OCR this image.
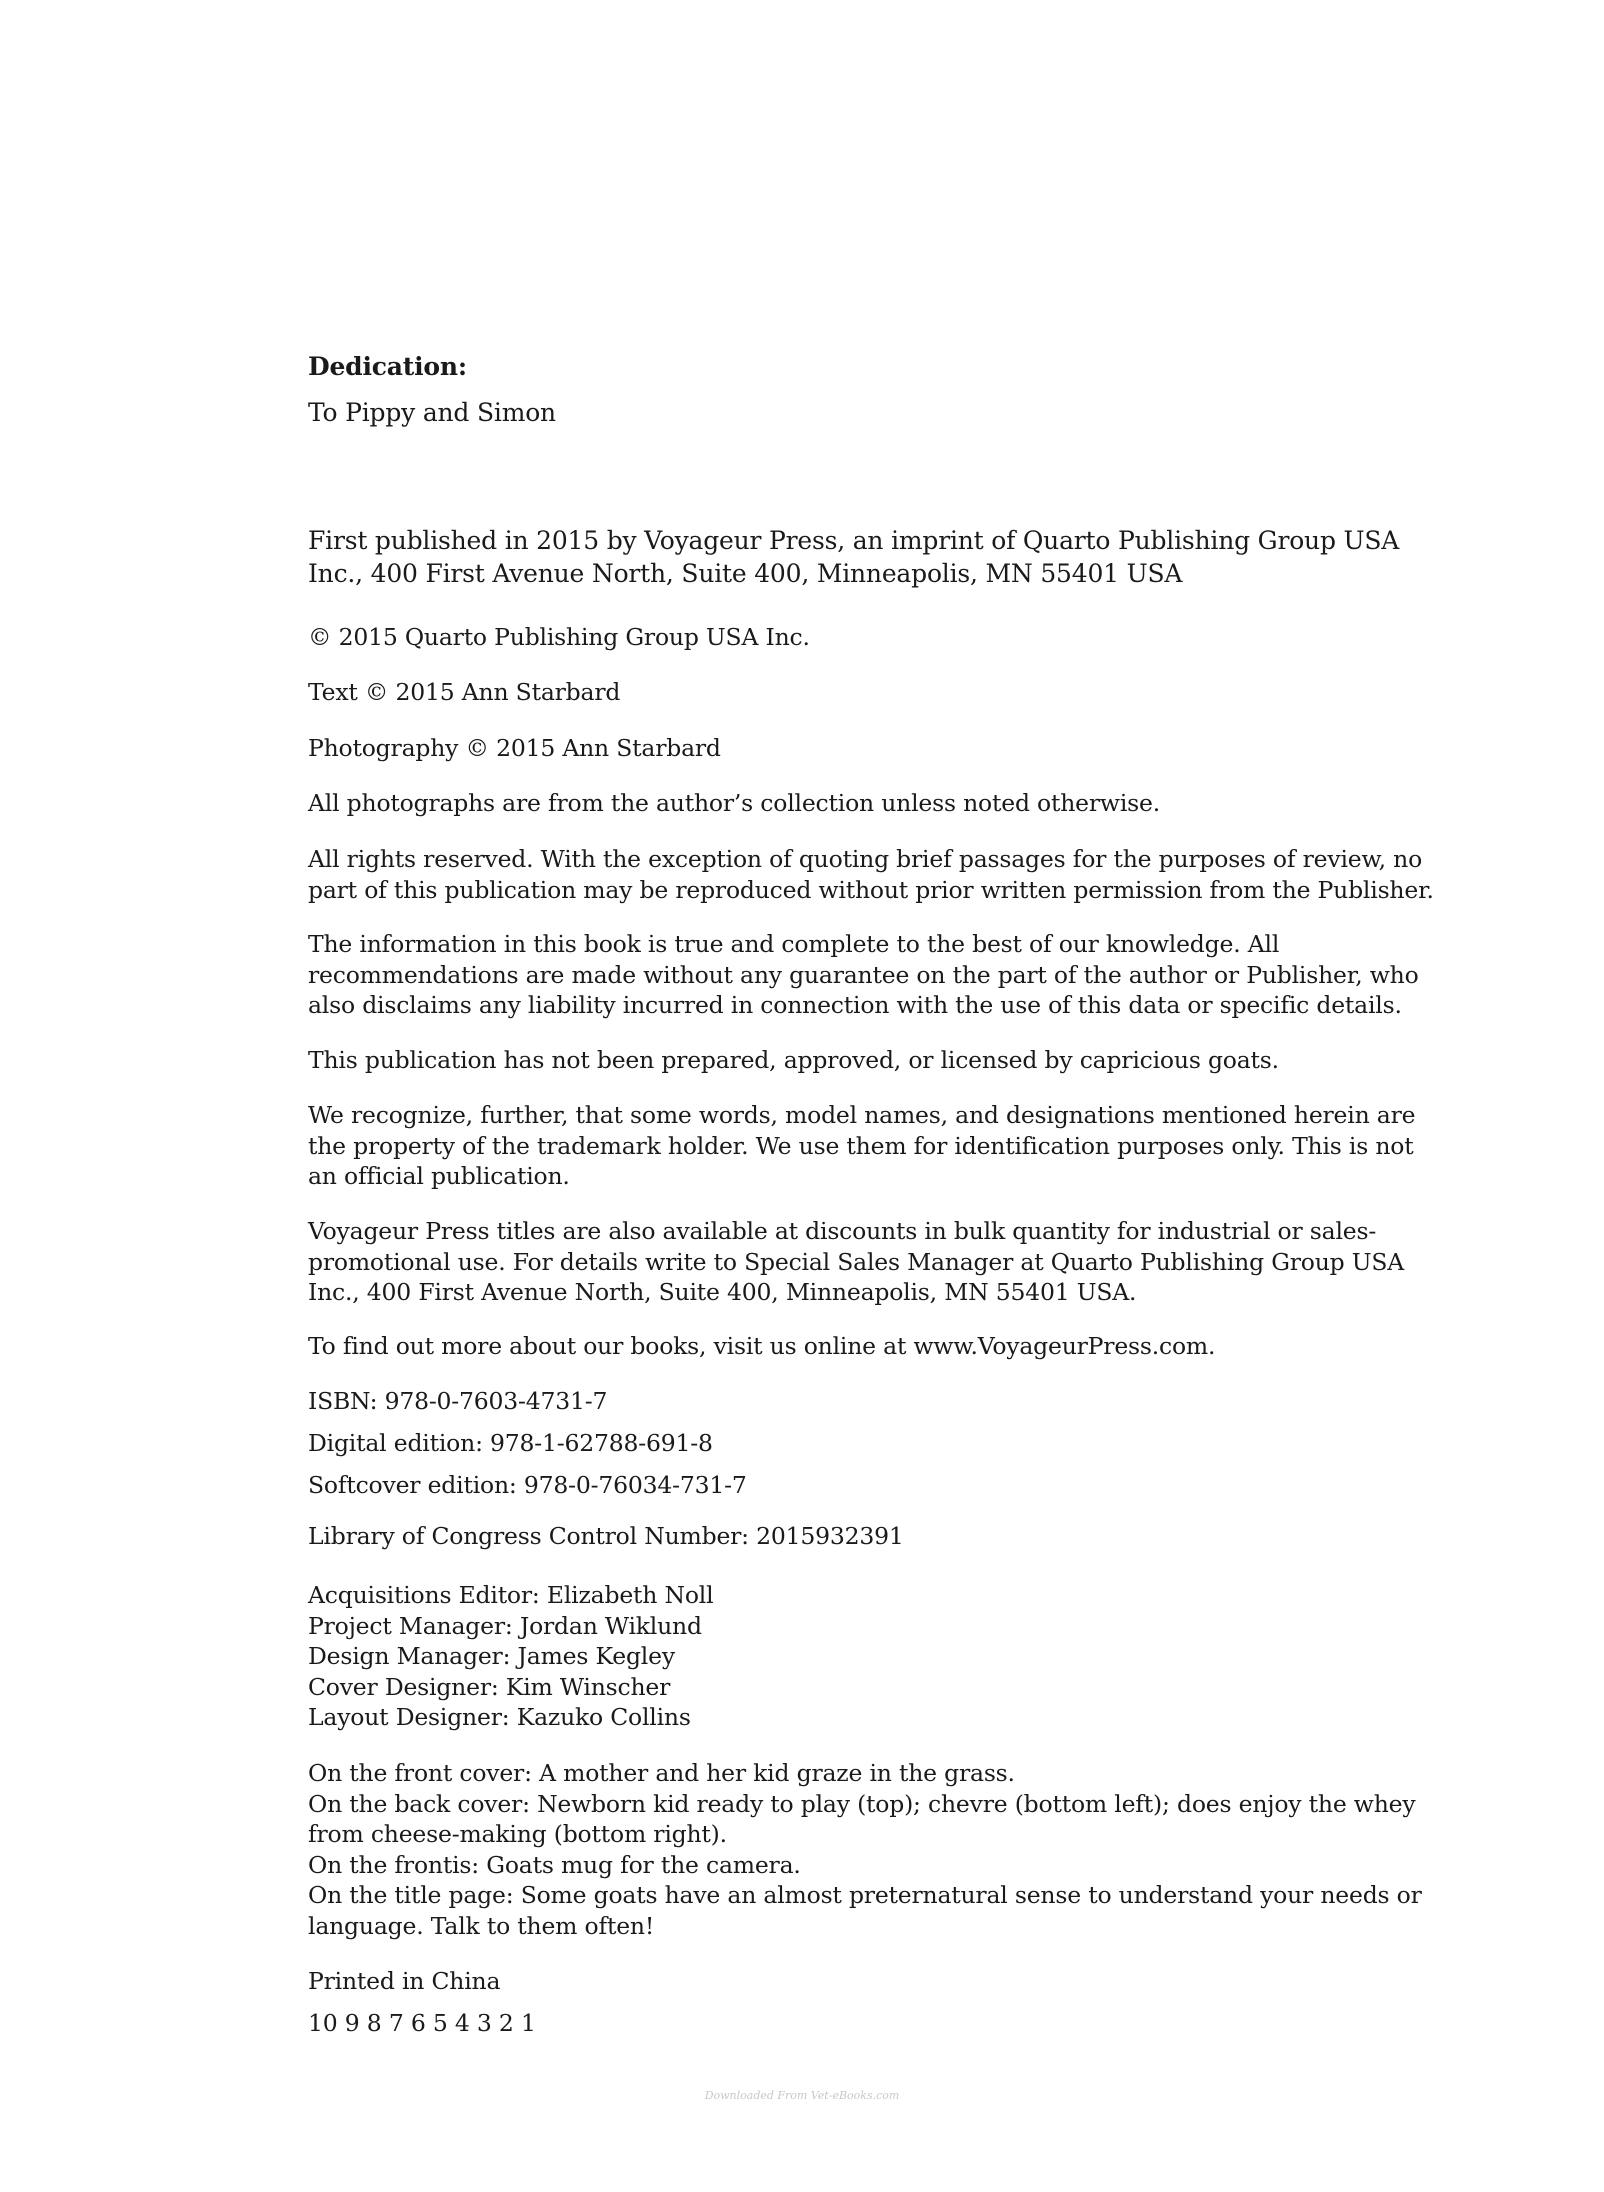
Dedication:
To Pippy and Simon
First published in 2015 by Voyageur Press, an imprint of Quarto Publishing Group USA
Inc., 400 First Avenue North, Suite 400, Minneapolis, MN 55401 USA
© 2015 Quarto Publishing Group USA Inc.
Text © 2015 Ann Starbard
Photography © 2015 Ann Starbard
All photographs are from the author’s collection unless noted otherwise.
All rights reserved. With the exception of quoting brief passages for the purposes of review, no
part of this publication may be reproduced without prior written permission from the Publisher.
The information in this book is true and complete to the best of our knowledge. All
recommendations are made without any guarantee on the part of the author or Publisher, who
also disclaims any liability incurred in connection with the use of this data or specific details.
This publication has not been prepared, approved, or licensed by capricious goats.
We recognize, further, that some words, model names, and designations mentioned herein are
the property of the trademark holder. We use them for identification purposes only. This is not
an official publication.
Voyageur Press titles are also available at discounts in bulk quantity for industrial or sales-
promotional use. For details write to Special Sales Manager at Quarto Publishing Group USA
Inc., 400 First Avenue North, Suite 400, Minneapolis, MN 55401 USA.
To find out more about our books, visit us online at www.VoyageurPress.com.
ISBN: 978-0-7603-4731-7
Digital edition: 978-1-62788-691-8
Softcover edition: 978-0-76034-731-7
Library of Congress Control Number: 2015932391
Acquisitions Editor: Elizabeth Noll
Project Manager: Jordan Wiklund
Design Manager: James Kegley
Cover Designer: Kim Winscher
Layout Designer: Kazuko Collins
On the front cover: A mother and her kid graze in the grass.
On the back cover: Newborn kid ready to play (top); chevre (bottom left); does enjoy the whey
from cheese-making (bottom right).
On the frontis: Goats mug for the camera.
On the title page: Some goats have an almost preternatural sense to understand your needs or
language. Talk to them often!
Printed in China
10 9 8 7 6 5 4 3 2 1
Downloaded From Vet-eBooks.com
